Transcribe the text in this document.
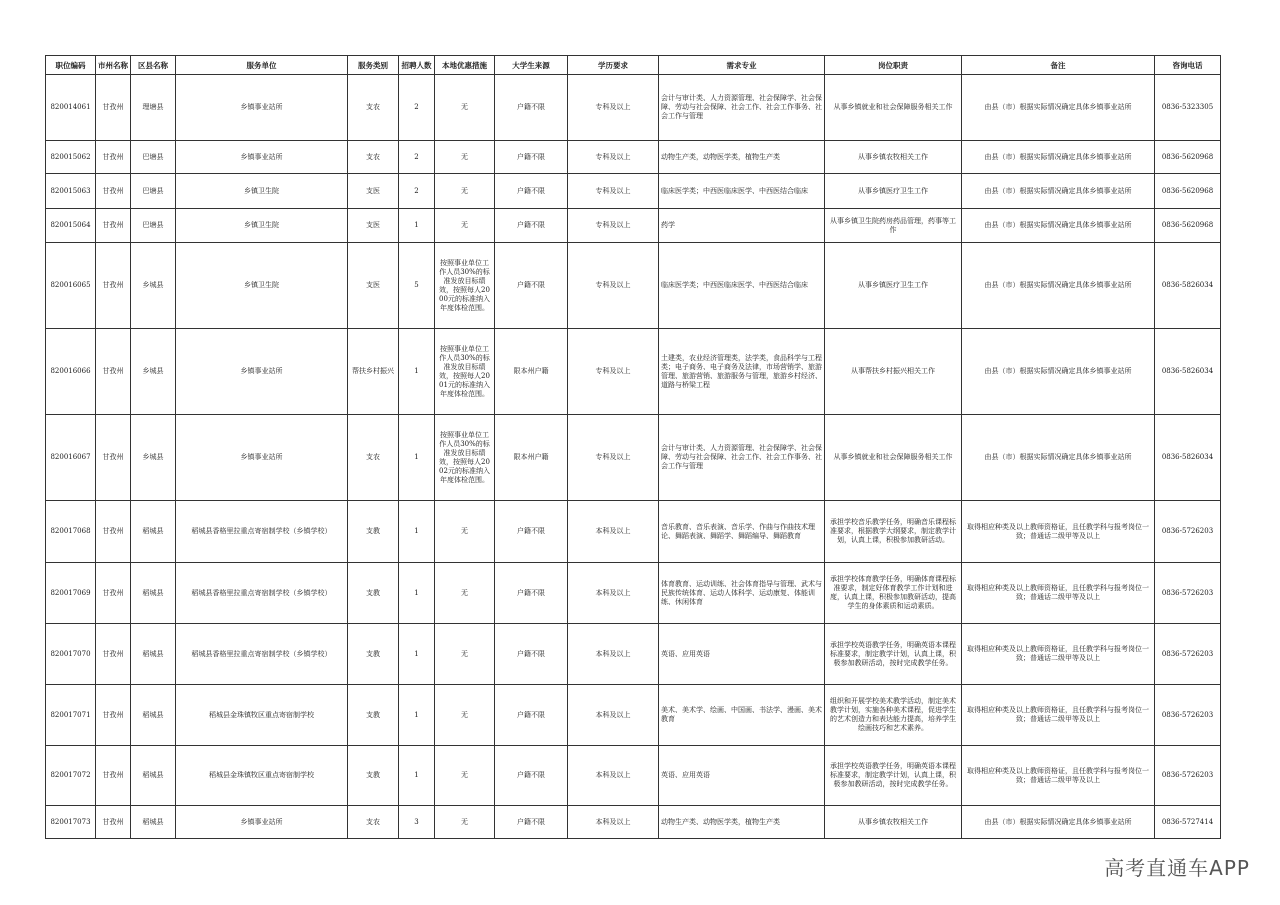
职位编码	市州名称	区县名称	服务单位	服务类别	招聘人数	本地优惠措施	大学生来源	学历要求	需求专业	岗位职责	备注	咨询电话
820014061	甘孜州	理塘县	乡镇事业站所	支农	2	无	户籍不限	专科及以上	会计与审计类、人力资源管理、社会保障学、社会保障、劳动与社会保障、社会工作、社会工作事务、社会工作与管理	从事乡镇就业和社会保障服务相关工作	由县（市）根据实际情况确定具体乡镇事业站所	0836-5323305
820015062	甘孜州	巴塘县	乡镇事业站所	支农	2	无	户籍不限	专科及以上	动物生产类，动物医学类，植物生产类	从事乡镇农牧相关工作	由县（市）根据实际情况确定具体乡镇事业站所	0836-5620968
820015063	甘孜州	巴塘县	乡镇卫生院	支医	2	无	户籍不限	专科及以上	临床医学类；中西医临床医学、中西医结合临床	从事乡镇医疗卫生工作	由县（市）根据实际情况确定具体乡镇事业站所	0836-5620968
820015064	甘孜州	巴塘县	乡镇卫生院	支医	1	无	户籍不限	专科及以上	药学	从事乡镇卫生院药房药品管理，药事等工作	由县（市）根据实际情况确定具体乡镇事业站所	0836-5620968
820016065	甘孜州	乡城县	乡镇卫生院	支医	5	按照事业单位工作人员30%的标准发放目标绩效，按照每人2000元的标准纳入年度体检范围。	户籍不限	专科及以上	临床医学类；中西医临床医学、中西医结合临床	从事乡镇医疗卫生工作	由县（市）根据实际情况确定具体乡镇事业站所	0836-5826034
820016066	甘孜州	乡城县	乡镇事业站所	帮扶乡村振兴	1	按照事业单位工作人员30%的标准发放目标绩效，按照每人2001元的标准纳入年度体检范围。	限本州户籍	专科及以上	土建类，农业经济管理类，法学类，食品科学与工程类；电子商务、电子商务及法律，市场营销学、旅游管理、旅游营销、旅游服务与管理，旅游乡村经济、道路与桥梁工程	从事帮扶乡村振兴相关工作	由县（市）根据实际情况确定具体乡镇事业站所	0836-5826034
820016067	甘孜州	乡城县	乡镇事业站所	支农	1	按照事业单位工作人员30%的标准发放目标绩效，按照每人2002元的标准纳入年度体检范围。	限本州户籍	专科及以上	会计与审计类、人力资源管理、社会保障学、社会保障、劳动与社会保障、社会工作、社会工作事务、社会工作与管理	从事乡镇就业和社会保障服务相关工作	由县（市）根据实际情况确定具体乡镇事业站所	0836-5826034
820017068	甘孜州	稻城县	稻城县香格里拉重点寄宿制学校（乡镇学校）	支教	1	无	户籍不限	本科及以上	音乐教育、音乐表演、音乐学、作曲与作曲技术理论、舞蹈表演、舞蹈学、舞蹈编导、舞蹈教育	承担学校音乐教学任务，明确音乐课程标准要求，根据教学大纲要求，制定教学计划，认真上课，积极参加教研活动。	取得相应种类及以上教师资格证，且任教学科与报考岗位一致；普通话二级甲等及以上	0836-5726203
820017069	甘孜州	稻城县	稻城县香格里拉重点寄宿制学校（乡镇学校）	支教	1	无	户籍不限	本科及以上	体育教育、运动训练、社会体育指导与管理、武术与民族传统体育、运动人体科学、运动康复、体能训练、休闲体育	承担学校体育教学任务，明确体育课程标准要求，制定好体育教学工作计划和进度，认真上课，积极参加教研活动，提高学生的身体素质和运动素质。	取得相应种类及以上教师资格证，且任教学科与报考岗位一致；普通话二级甲等及以上	0836-5726203
820017070	甘孜州	稻城县	稻城县香格里拉重点寄宿制学校（乡镇学校）	支教	1	无	户籍不限	本科及以上	英语、应用英语	承担学校英语教学任务，明确英语本课程标准要求，制定教学计划，认真上课，积极参加教研活动，按时完成教学任务。	取得相应种类及以上教师资格证，且任教学科与报考岗位一致；普通话二级甲等及以上	0836-5726203
820017071	甘孜州	稻城县	稻城县金珠镇牧区重点寄宿制学校	支教	1	无	户籍不限	本科及以上	美术、美术学、绘画、中国画、书法学、漫画、美术教育	组织和开展学校美术教学活动，制定美术教学计划，实施各种美术课程，促进学生的艺术创造力和表达能力提高，培养学生绘画技巧和艺术素养。	取得相应种类及以上教师资格证，且任教学科与报考岗位一致；普通话二级甲等及以上	0836-5726203
820017072	甘孜州	稻城县	稻城县金珠镇牧区重点寄宿制学校	支教	1	无	户籍不限	本科及以上	英语、应用英语	承担学校英语教学任务，明确英语本课程标准要求，制定教学计划，认真上课，积极参加教研活动，按时完成教学任务。	取得相应种类及以上教师资格证，且任教学科与报考岗位一致；普通话二级甲等及以上	0836-5726203
820017073	甘孜州	稻城县	乡镇事业站所	支农	3	无	户籍不限	本科及以上	动物生产类、动物医学类，植物生产类	从事乡镇农牧相关工作	由县（市）根据实际情况确定具体乡镇事业站所	0836-5727414
高考直通车APP
